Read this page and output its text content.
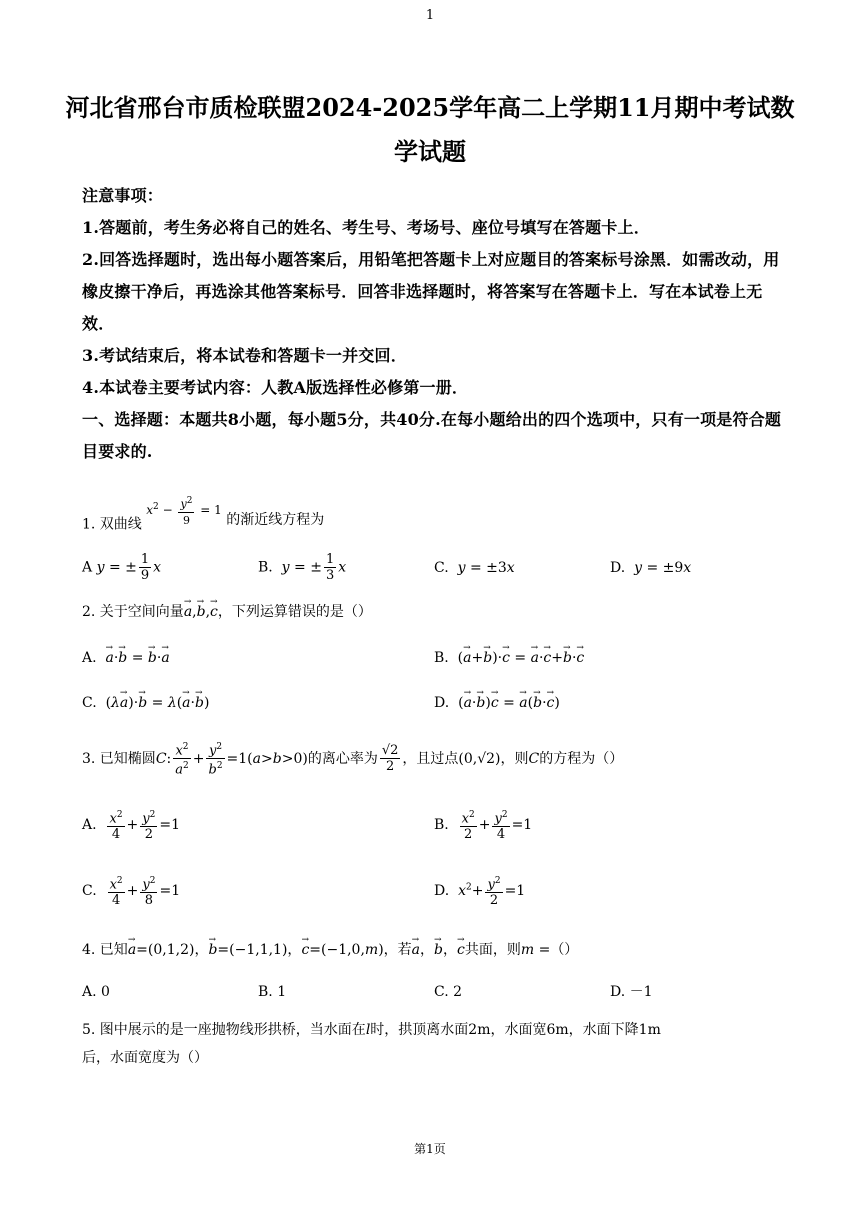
1
河北省邢台市质检联盟2024-2025学年高二上学期11月期中考试数学试题
注意事项：
1.答题前，考生务必将自己的姓名、考生号、考场号、座位号填写在答题卡上．
2.回答选择题时，选出每小题答案后，用铅笔把答题卡上对应题目的答案标号涂黑．如需改动，用橡皮擦干净后，再选涂其他答案标号．回答非选择题时，将答案写在答题卡上．写在本试卷上无效．
3.考试结束后，将本试卷和答题卡一并交回．
4.本试卷主要考试内容：人教A版选择性必修第一册．
一、选择题：本题共8小题，每小题5分，共40分.在每小题给出的四个选项中，只有一项是符合题目要求的.
1. 双曲线 $x^2 - \frac{y^2}{9} = 1$ 的渐近线方程为
A y = ± $\frac{1}{9}$ x	B. y = ± $\frac{1}{3}$ x	C. y = ±3x	D. y = ±9x
2. 关于空间向量→ a,→ b,→ c，下列运算错误的是（）
A.  → a·→ b = → b·→ a	B.  (→ a+→ b)·→ c = → a·→ c+→ b·→ c
C.  (λ→ a)·→ b = λ(→ a·→ b)	D.  (→ a·→ b)→ c = → a(→ b·→ c)
3. 已知椭圆C: $\frac{x^2}{a^2} + \frac{y^2}{b^2} =1(a>b>0)$的离心率为 $\frac{√2}{2}$ ，且过点(0,√2)，则C的方程为（）
A. $\frac{x^2}{4} + \frac{y^2}{2} =1$	B. $\frac{x^2}{2} + \frac{y^2}{4} =1$
C. $\frac{x^2}{4} + \frac{y^2}{8} =1$	D. $x^2+ \frac{y^2}{2} =1$
4. 已知→ a=(0,1,2)，→ b=(−1,1,1)，→ c=(−1,0,m)，若→ a，→ b，→ c共面，则m =（）
A. 0	B. 1	C. 2	D. －1
5. 图中展示的是一座抛物线形拱桥，当水面在l时，拱顶离水面2m，水面宽6m，水面下降1m后，水面宽度为（）
第1页
